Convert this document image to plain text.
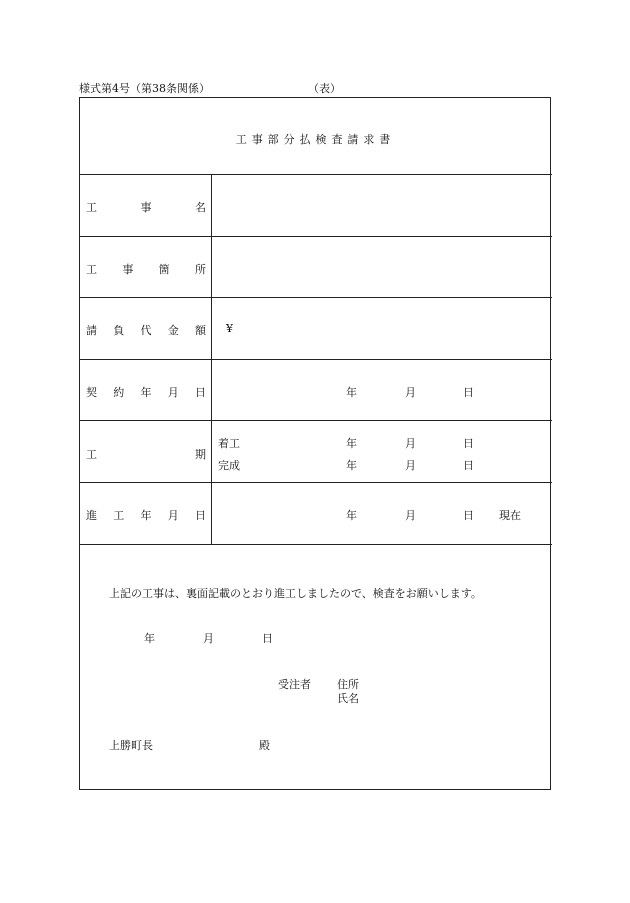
様式第4号（第38条関係）	（表）
工事部分払検査請求書
工	事	名
工 事 箇 所
請 負 代 金 額 ¥
契 約 年 月 日	年	月	日
工	期
着工	年	月	日
完成	年	月	日
進 工 年 月 日	年	月	日 現在
上記の工事は、裏面記載のとおり進工しましたので、検査をお願いします。
年	月	日
受注者 住所
氏名
上勝町長	殿
